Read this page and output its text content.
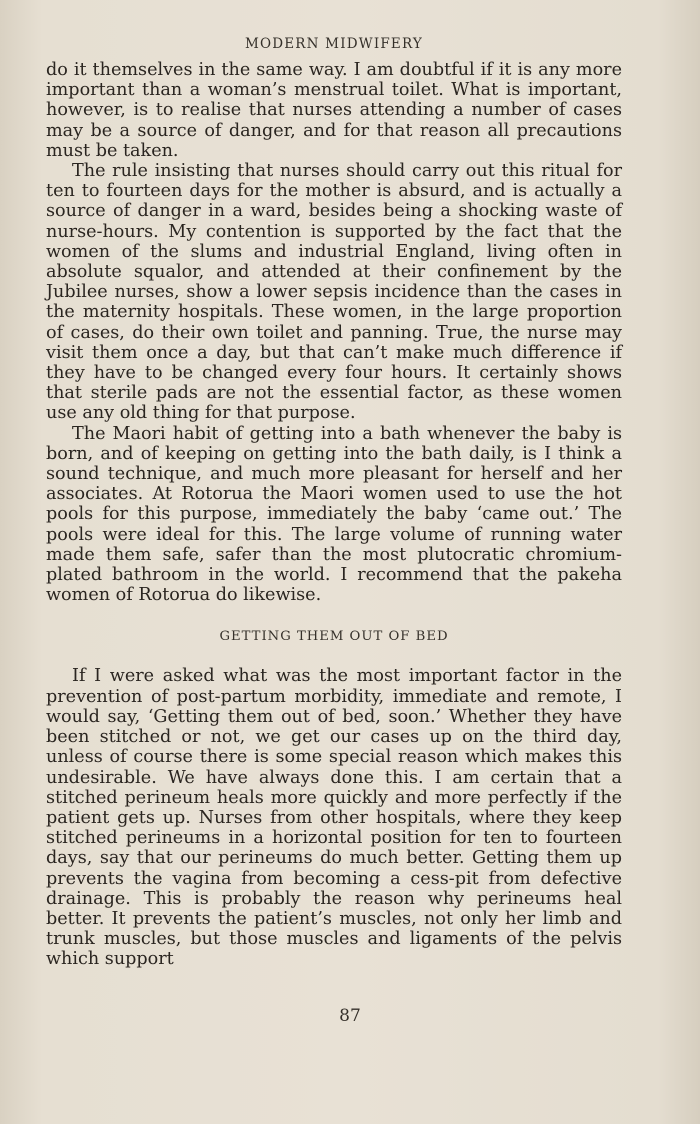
MODERN MIDWIFERY

do it themselves in the same way. I am doubtful if it is any more important than a woman’s menstrual toilet. What is important, however, is to realise that nurses attending a number of cases may be a source of danger, and for that reason all precautions must be taken.

The rule insisting that nurses should carry out this ritual for ten to fourteen days for the mother is absurd, and is actually a source of danger in a ward, besides being a shocking waste of nurse-hours. My contention is supported by the fact that the women of the slums and industrial England, living often in absolute squalor, and attended at their confinement by the Jubilee nurses, show a lower sepsis incidence than the cases in the maternity hospitals. These women, in the large proportion of cases, do their own toilet and panning. True, the nurse may visit them once a day, but that can’t make much difference if they have to be changed every four hours. It certainly shows that sterile pads are not the essential factor, as these women use any old thing for that purpose.

The Maori habit of getting into a bath whenever the baby is born, and of keeping on getting into the bath daily, is I think a sound technique, and much more pleasant for herself and her associates. At Rotorua the Maori women used to use the hot pools for this purpose, immediately the baby ‘came out.’ The pools were ideal for this. The large volume of running water made them safe, safer than the most plutocratic chromium-plated bathroom in the world. I recommend that the pakeha women of Rotorua do likewise.

GETTING THEM OUT OF BED

If I were asked what was the most important factor in the prevention of post-partum morbidity, immediate and remote, I would say, ‘Getting them out of bed, soon.’ Whether they have been stitched or not, we get our cases up on the third day, unless of course there is some special reason which makes this undesirable. We have always done this. I am certain that a stitched perineum heals more quickly and more perfectly if the patient gets up. Nurses from other hospitals, where they keep stitched perineums in a horizontal position for ten to fourteen days, say that our perineums do much better. Getting them up prevents the vagina from becoming a cess-pit from defective drainage. This is probably the reason why perineums heal better. It prevents the patient’s muscles, not only her limb and trunk muscles, but those muscles and ligaments of the pelvis which support

87
